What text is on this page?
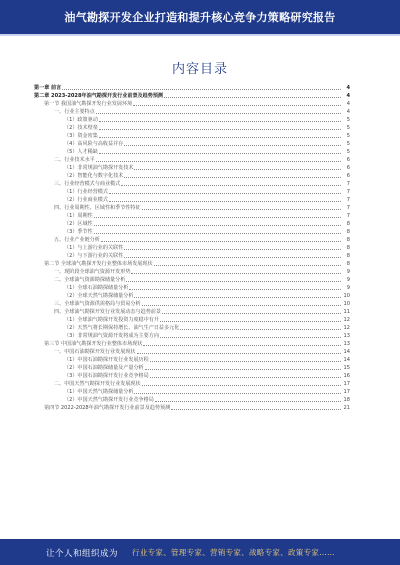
油气勘探开发企业打造和提升核心竞争力策略研究报告
内容目录
第一章 前言	4
第二章 2023-2028年油气勘探开发行业前景及趋势预测	4
第一节 我国油气勘探开发行业发展环境	4
一、行业主要特点	4
（1）政策驱动	5
（2）技术壁垒	5
（3）资金密集	5
（4）高风险与高收益并存	5
（5）人才稀缺	5
二、行业技术水平	6
（1）非常规油气勘探开发技术	6
（2）智能化与数字化技术	6
三、行业经营模式与商业模式	7
（1）行业经营模式	7
（2）行业商业模式	7
四、行业周期性、区域性和季节性特征	7
（1）周期性	7
（2）区域性	8
（3）季节性	8
五、行业产业链分析	8
（1）与上游行业的关联性	8
（2）与下游行业的关联性	8
第二节 全球油气勘探开发行业整体市场发展现状	8
一、现阶段全球油气资源开发形势	9
二、全球油气资源勘探储量分析	9
（1）全球石油勘探储量分析	9
（2）全球天然气勘探储量分析	10
三、全球油气资源供需格局与贸易分析	10
四、全球油气勘探开发行业发展动态与趋势前景	11
（1）全球油气勘探开发投资力度稳中有升	12
（2）天然气将长期保持增长、油气生产日益多元化	12
（3）非常规油气资源开发将成为主要方向	13
第三节 中国油气勘探开发行业整体市场现状	13
一、中国石油勘探开发行业发展现状	14
（1）中国石油勘探开发行业发展历程	14
（2）中国石油勘探储量及产量分析	15
（3）中国石油勘探开发行业竞争格局	16
二、中国天然气勘探开发行业发展现状	17
（1）中国天然气勘探储量分析	17
（2）中国天然气勘探开发行业竞争格局	18
第四节 2022-2028年油气勘探开发行业前景及趋势预测	21
让个人和组织成为 行业专家、管理专家、营销专家、战略专家、政策专家……
